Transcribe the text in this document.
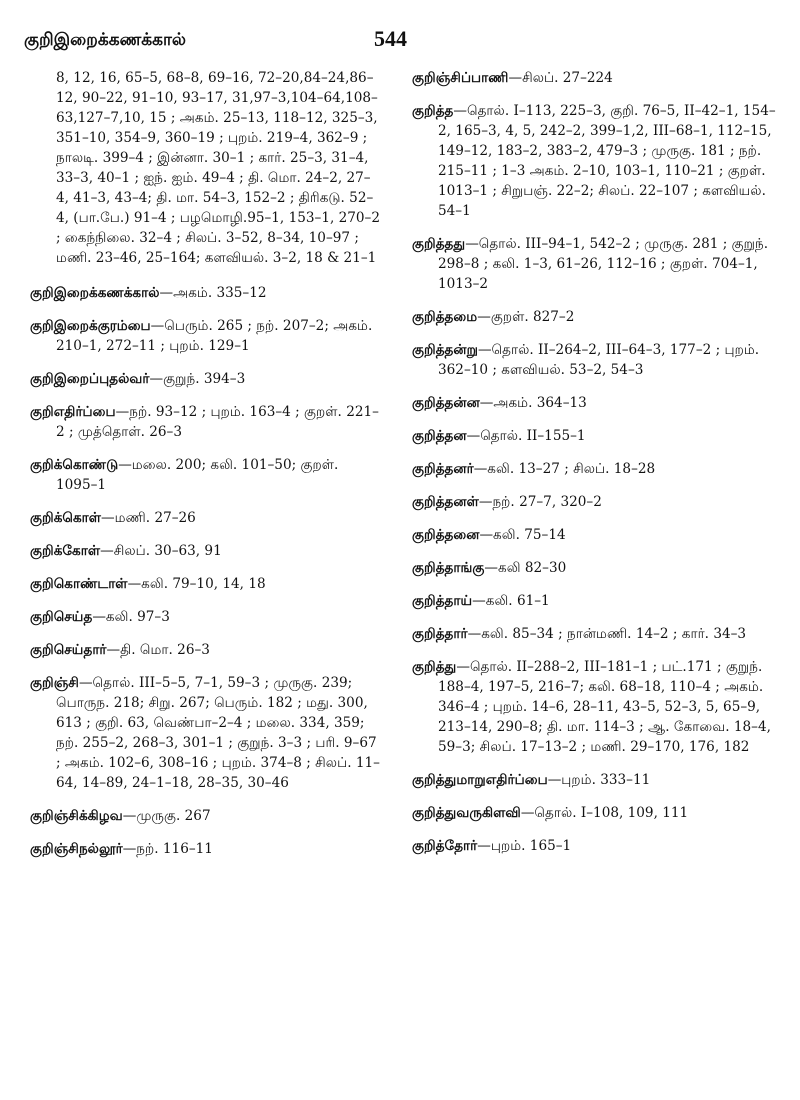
குறிஇறைக்கணக்கால்	544

8, 12, 16, 65–5, 68–8, 69–16, 72–20,84–24,86–12, 90–22, 91–10, 93–17, 31,97–3,104–64,108–63,127–7,10, 15 ; அகம். 25–13, 118–12, 325–3, 351–10, 354–9, 360–19 ; புறம். 219–4, 362–9 ; நாலடி. 399–4 ; இன்னா. 30–1 ; கார். 25–3, 31–4, 33–3, 40–1 ; ஐந். ஐம். 49–4 ; தி. மொ. 24–2, 27–4, 41–3, 43–4; தி. மா. 54–3, 152–2 ; திரிகடு. 52–4, (பா.பே.) 91–4 ; பழமொழி.95–1, 153–1, 270–2 ; கைந்நிலை. 32–4 ; சிலப். 3–52, 8–34, 10–97 ; மணி. 23–46, 25–164; களவியல். 3–2, 18 & 21–1

குறிஇறைக்கணக்கால்—அகம். 335–12

குறிஇறைக்குரம்பை—பெரும். 265 ; நற். 207–2; அகம். 210–1, 272–11 ; புறம். 129–1

குறிஇறைப்புதல்வர்—குறுந். 394–3

குறிஎதிர்ப்பை—நற். 93–12 ; புறம். 163–4 ; குறள். 221–2 ; முத்தொள். 26–3

குறிக்கொண்டு—மலை. 200; கலி. 101–50; குறள். 1095–1

குறிக்கொள்—மணி. 27–26

குறிக்கோள்—சிலப். 30–63, 91

குறிகொண்டாள்—கலி. 79–10, 14, 18

குறிசெய்த—கலி. 97–3

குறிசெய்தார்—தி. மொ. 26–3

குறிஞ்சி—தொல். III–5–5, 7–1, 59–3 ; முருகு. 239; பொருந. 218; சிறு. 267; பெரும். 182 ; மது. 300, 613 ; குறி. 63, வெண்பா–2–4 ; மலை. 334, 359; நற். 255–2, 268–3, 301–1 ; குறுந். 3–3 ; பரி. 9–67 ; அகம். 102–6, 308–16 ; புறம். 374–8 ; சிலப். 11–64, 14–89, 24–1–18, 28–35, 30–46

குறிஞ்சிக்கிழவ—முருகு. 267

குறிஞ்சிநல்லூர்—நற். 116–11

குறிஞ்சிப்பாணி—சிலப். 27–224

குறித்த—தொல். I–113, 225–3, குறி. 76–5, II–42–1, 154–2, 165–3, 4, 5, 242–2, 399–1,2, III–68–1, 112–15, 149–12, 183–2, 383–2, 479–3 ; முருகு. 181 ; நற். 215–11 ; 1–3 அகம். 2–10, 103–1, 110–21 ; குறள். 1013–1 ; சிறுபஞ். 22–2; சிலப். 22–107 ; களவியல். 54–1

குறித்தது—தொல். III–94–1, 542–2 ; முருகு. 281 ; குறுந். 298–8 ; கலி. 1–3, 61–26, 112–16 ; குறள். 704–1, 1013–2

குறித்தமை—குறள். 827–2

குறித்தன்று—தொல். II–264–2, III–64–3, 177–2 ; புறம். 362–10 ; களவியல். 53–2, 54–3

குறித்தன்ன—அகம். 364–13

குறித்தன—தொல். II–155–1

குறித்தனர்—கலி. 13–27 ; சிலப். 18–28

குறித்தனள்—நற். 27–7, 320–2

குறித்தனை—கலி. 75–14

குறித்தாங்கு—கலி 82–30

குறித்தாய்—கலி. 61–1

குறித்தார்—கலி. 85–34 ; நான்மணி. 14–2 ; கார். 34–3

குறித்து—தொல். II–288–2, III–181–1 ; பட்.171 ; குறுந். 188–4, 197–5, 216–7; கலி. 68–18, 110–4 ; அகம். 346–4 ; புறம். 14–6, 28–11, 43–5, 52–3, 5, 65–9, 213–14, 290–8; தி. மா. 114–3 ; ஆ. கோவை. 18–4, 59–3; சிலப். 17–13–2 ; மணி. 29–170, 176, 182

குறித்துமாறுஎதிர்ப்பை—புறம். 333–11

குறித்துவருகிளவி—தொல். I–108, 109, 111

குறித்தோர்—புறம். 165–1
